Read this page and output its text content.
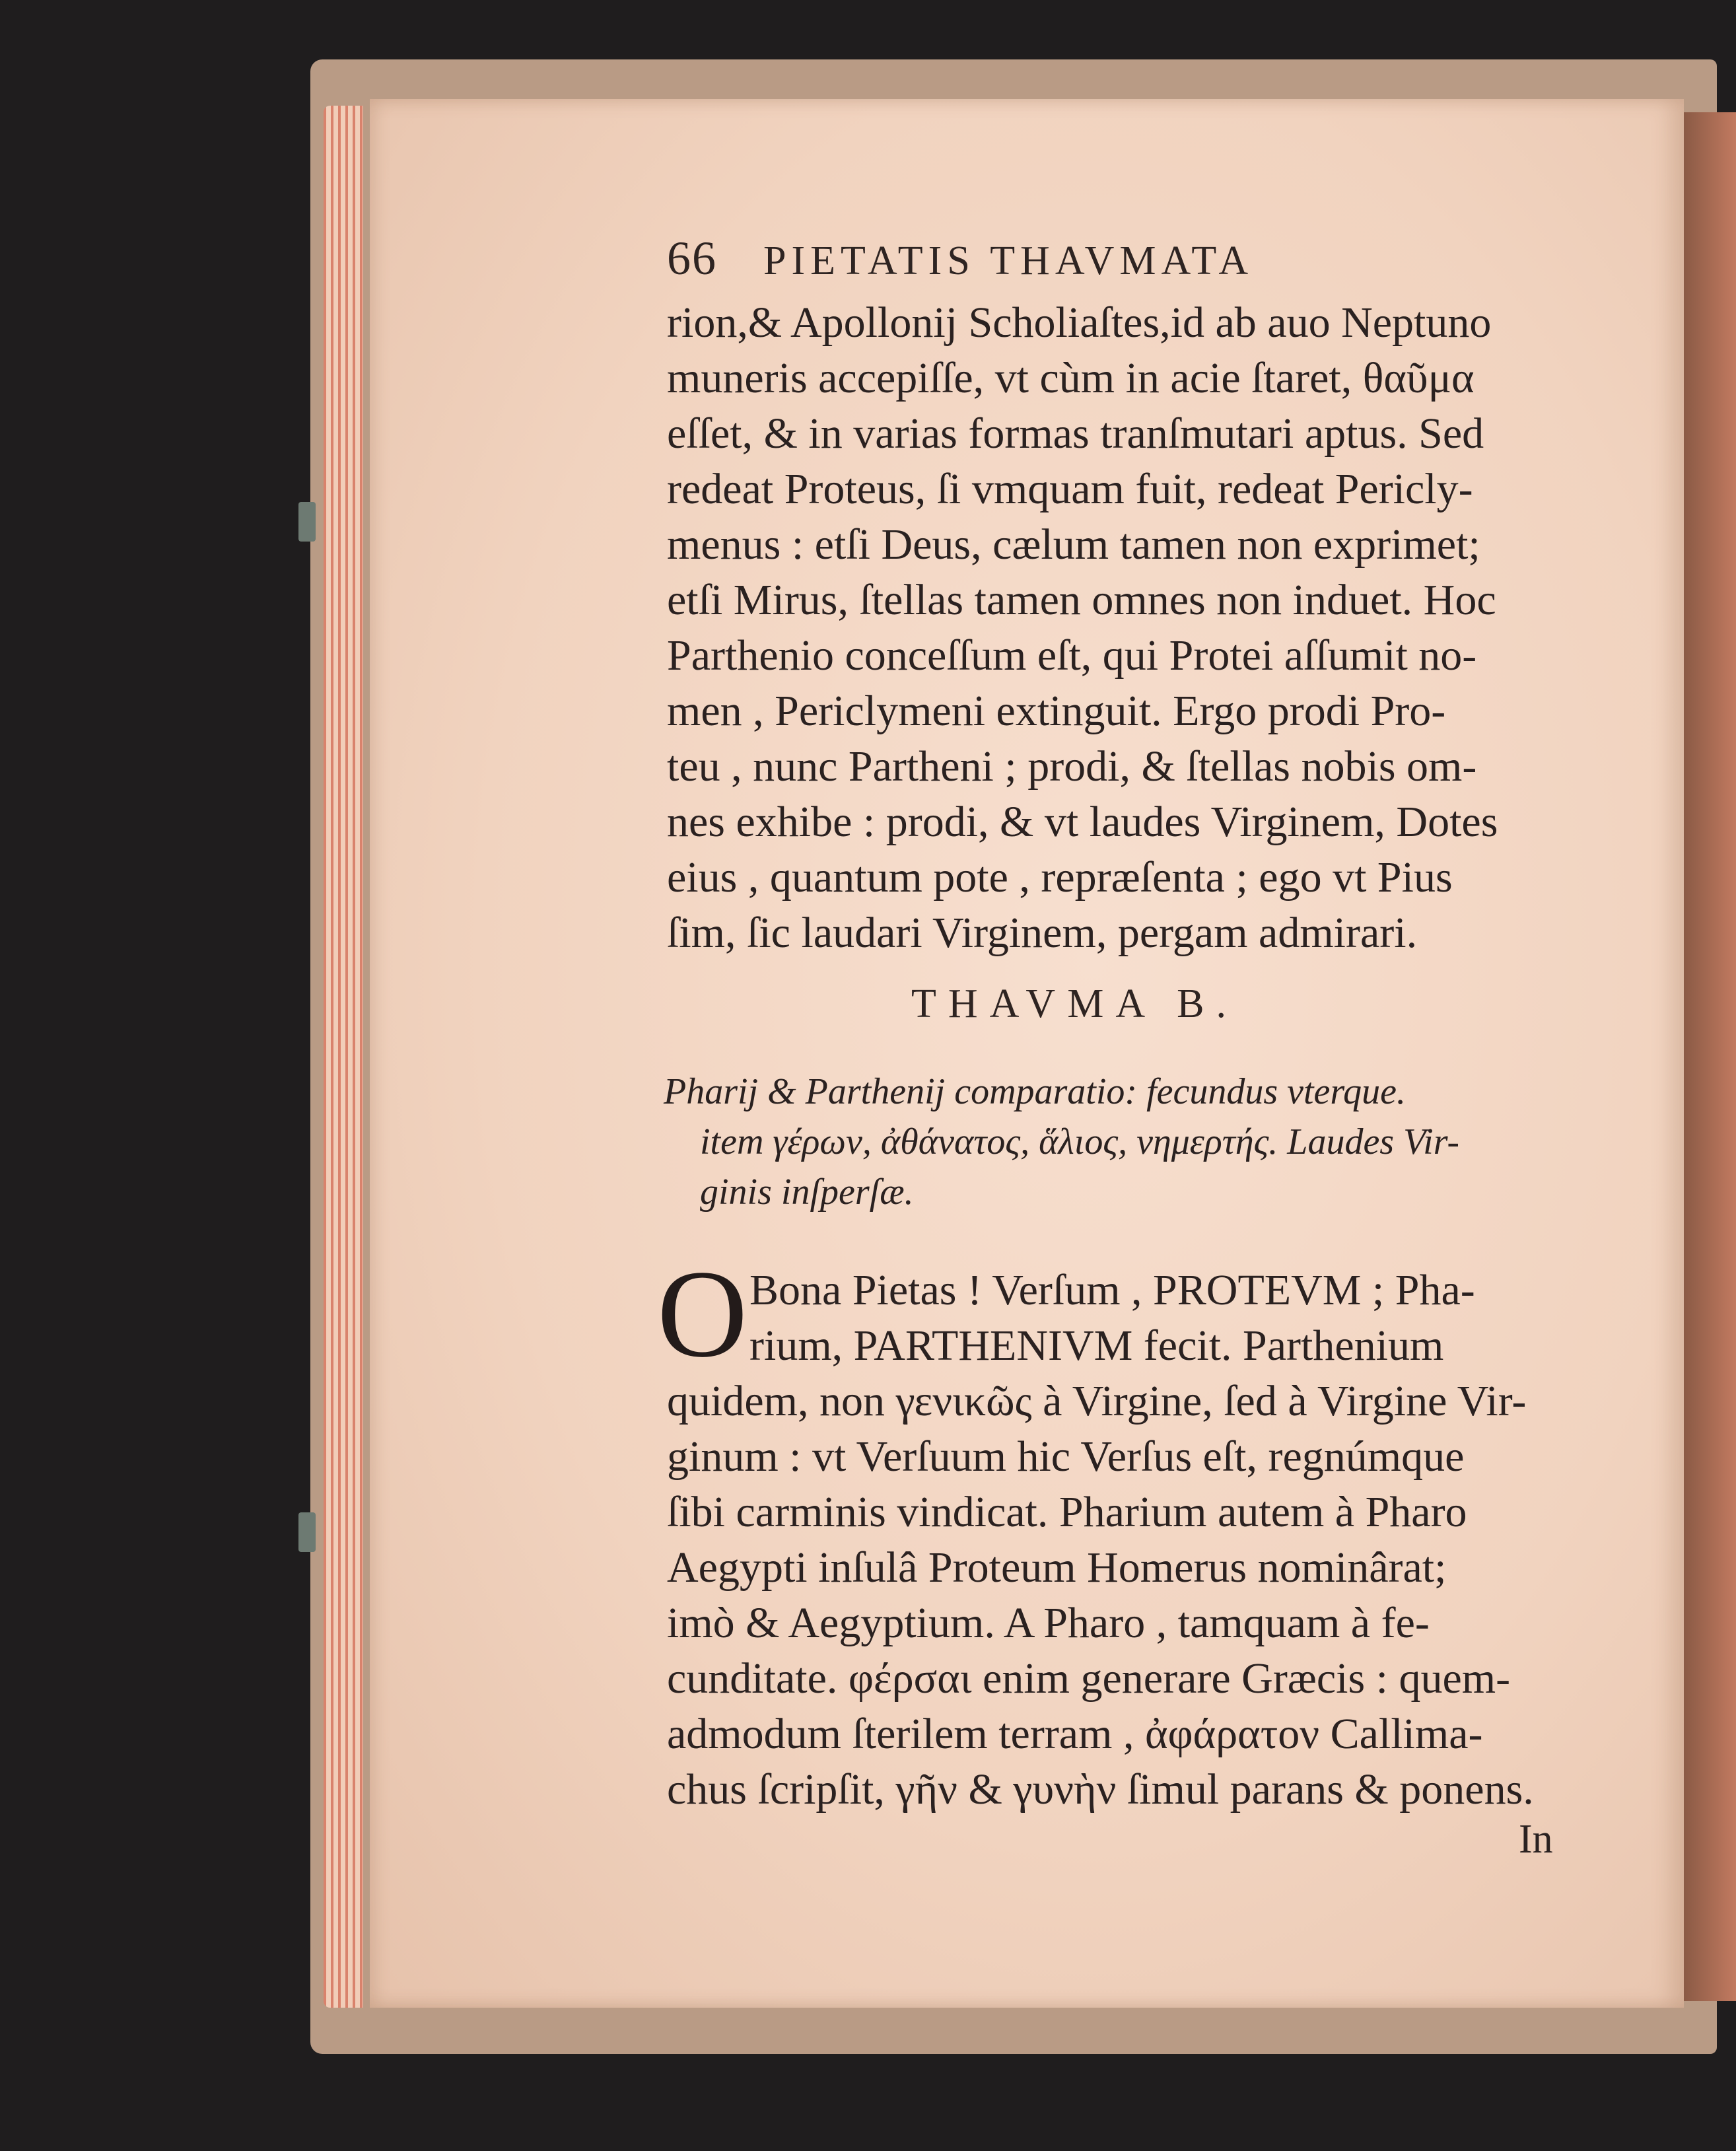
66 PIETATIS THAVMATA
rion,& Apollonij Scholiaſtes,id ab auo Neptuno
muneris accepiſſe, vt cùm in acie ſtaret, θαῦμα
eſſet, & in varias formas tranſmutari aptus. Sed
redeat Proteus, ſi vmquam fuit, redeat Pericly-
menus : etſi Deus, cælum tamen non exprimet;
etſi Mirus, ſtellas tamen omnes non induet. Hoc
Parthenio conceſſum eſt, qui Protei aſſumit no-
men , Periclymeni extinguit. Ergo prodi Pro-
teu , nunc Partheni ; prodi, & ſtellas nobis om-
nes exhibe : prodi, & vt laudes Virginem, Dotes
eius , quantum pote , repræſenta ; ego vt Pius
ſim, ſic laudari Virginem, pergam admirari.
THAVMA B.
Pharij & Parthenij comparatio: fecundus vterque.
item γέρων, ἀθάνατος, ἅλιος, νημερτής. Laudes Vir-
ginis inſperſæ.
O Bona Pietas ! Verſum , PROTEVM ; Pha-
rium, PARTHENIVM fecit. Parthenium
quidem, non γενικῶς à Virgine, ſed à Virgine Vir-
ginum : vt Verſuum hic Verſus eſt, regnúmque
ſibi carminis vindicat. Pharium autem à Pharo
Aegypti inſulâ Proteum Homerus nominârat;
imò & Aegyptium. A Pharo , tamquam à fe-
cunditate. φέρσαι enim generare Græcis : quem-
admodum ſterilem terram , ἀφάρατον Callima-
chus ſcripſit, γῆν & γυνὴν ſimul parans & ponens.
In
